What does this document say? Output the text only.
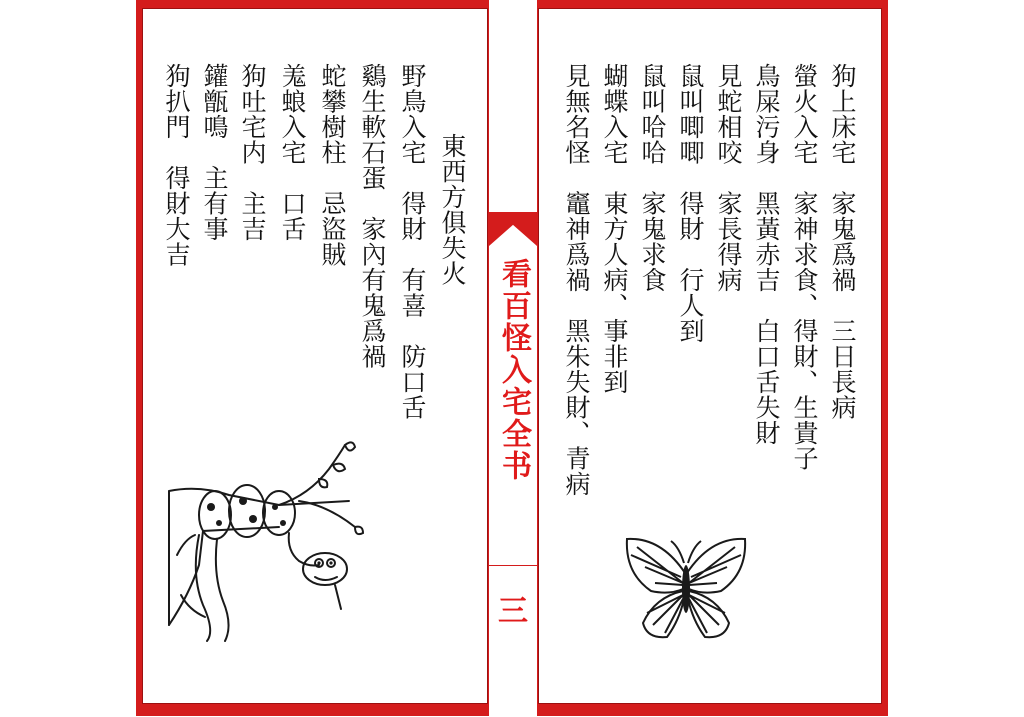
東西方俱失火
野鳥入宅　得財　有喜　防口舌
鷄生軟石蛋　家內有鬼爲禍
蛇攀樹柱　忌盜賊
羗蜋入宅　口舌
狗吐宅内　主吉
鑵甑鳴　主有事
狗扒門　得財大吉
看百怪入宅全书
三
狗上床宅　家鬼爲禍　三日長病
螢火入宅　家神求食、得財、生貴子
鳥屎污身　黑黃赤吉　白口舌失財
見蛇相咬　家長得病
鼠叫唧唧　得財　行人到
鼠叫哈哈　家鬼求食
蝴蝶入宅　東方人病、事非到
見無名怪　竈神爲禍　黑朱失財、青病
